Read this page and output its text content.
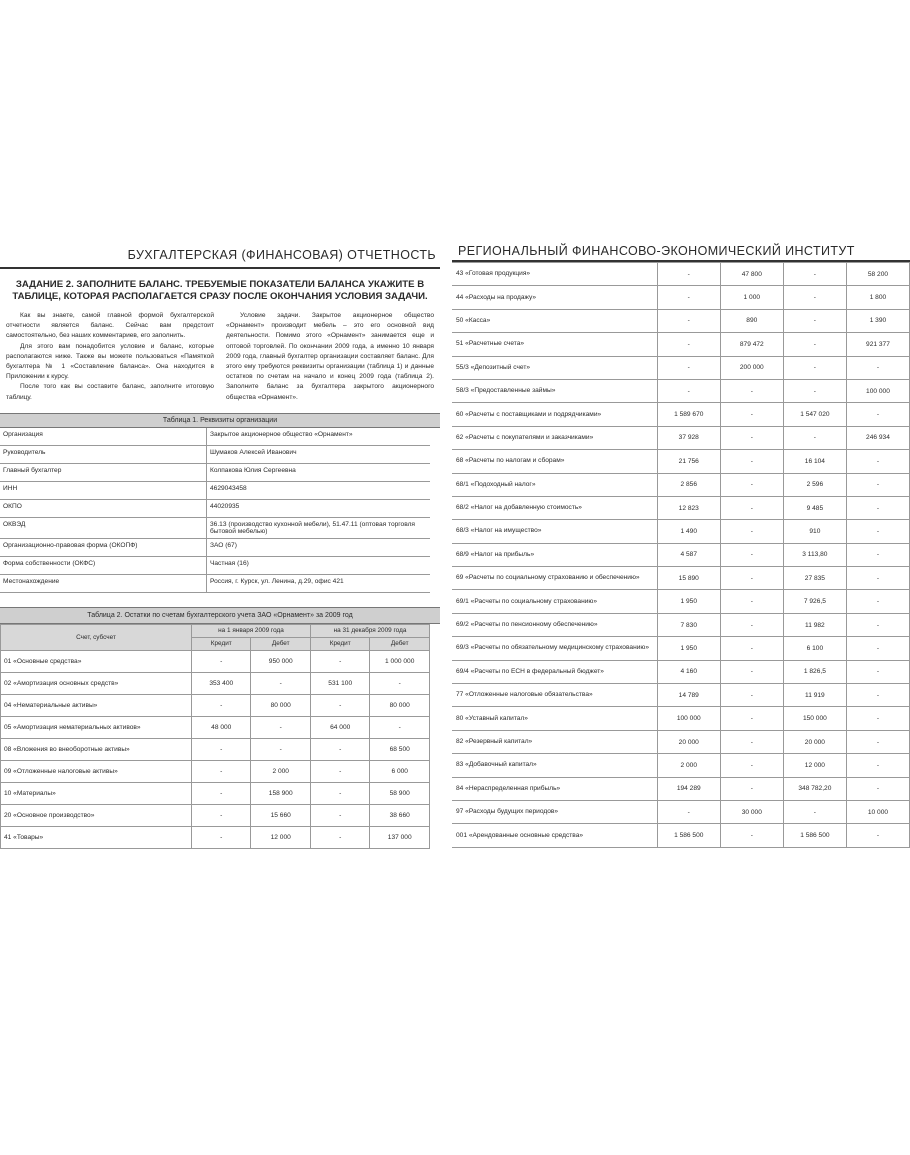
БУХГАЛТЕРСКАЯ (ФИНАНСОВАЯ) ОТЧЕТНОСТЬ
ЗАДАНИЕ 2. ЗАПОЛНИТЕ БАЛАНС. ТРЕБУЕМЫЕ ПОКАЗАТЕЛИ БАЛАНСА УКАЖИТЕ В ТАБЛИЦЕ, КОТОРАЯ РАСПОЛАГАЕТСЯ СРАЗУ ПОСЛЕ ОКОНЧАНИЯ УСЛОВИЯ ЗАДАЧИ.

Как вы знаете, самой главной формой бухгалтерской отчетности является баланс. Сейчас вам предстоит самостоятельно, без наших комментариев, его заполнить.

Для этого вам понадобится условие и баланс, которые располагаются ниже. Также вы можете пользоваться «Памяткой бухгалтера № 1 «Составление баланса». Она находится в Приложении к курсу.

После того как вы составите баланс, заполните итоговую таблицу.

Условие задачи. Закрытое акционерное общество «Орнамент» производит мебель – это его основной вид деятельности. Помимо этого «Орнамент» занимается еще и оптовой торговлей. По окончании 2009 года, а именно 10 января 2009 года, главный бухгалтер организации составляет баланс. Для этого ему требуются реквизиты организации (таблица 1) и данные остатков по счетам на начало и конец 2009 года (таблица 2). Заполните баланс за бухгалтера закрытого акционерного общества «Орнамент».

Таблица 1. Реквизиты организации
Организация	Закрытое акционерное общество «Орнамент»
Руководитель	Шумаков Алексей Иванович
Главный бухгалтер	Колпакова Юлия Сергеевна
ИНН	4629043458
ОКПО	44020935
ОКВЭД	36.13 (производство кухонной мебели), 51.47.11 (оптовая торговля бытовой мебелью)
Организационно-правовая форма (ОКОПФ)	ЗАО (67)
Форма собственности (ОКФС)	Частная (16)
Местонахождение	Россия, г. Курск, ул. Ленина, д.29, офис 421
Таблица 2. Остатки по счетам бухгалтерского учета ЗАО «Орнамент» за 2009 год
Счет, субсчет	на 1 января 2009 года		на 31 декабря 2009 года	
	Кредит	Дебет	Кредит	Дебет
01 «Основные средства»	-	950 000	-	1 000 000
02 «Амортизация основных средств»	353 400	-	531 100	-
04 «Нематериальные активы»	-	80 000	-	80 000
05 «Амортизация нематериальных активов»	48 000	-	64 000	-
08 «Вложения во внеоборотные активы»	-	-	-	68 500
09 «Отложенные налоговые активы»	-	2 000	-	6 000
10 «Материалы»	-	158 900	-	58 900
20 «Основное производство»	-	15 660	-	38 660
41 «Товары»	-	12 000	-	137 000
РЕГИОНАЛЬНЫЙ ФИНАНСОВО-ЭКОНОМИЧЕСКИЙ ИНСТИТУТ
43 «Готовая продукция»	-	47 800	-	58 200
44 «Расходы на продажу»	-	1 000	-	1 800
50 «Касса»	-	890	-	1 390
51 «Расчетные счета»	-	879 472	-	921 377
55/3 «Депозитный счет»	-	200 000	-	-
58/3 «Предоставленные займы»	-	-	-	100 000
60 «Расчеты с поставщиками и подрядчиками»	1 589 670	-	1 547 020	-
62 «Расчеты с покупателями и заказчиками»	37 928	-	-	246 934
68 «Расчеты по налогам и сборам»	21 756	-	16 104	-
68/1 «Подоходный налог»	2 856	-	2 596	-
68/2 «Налог на добавленную стоимость»	12 823	-	9 485	-
68/3 «Налог на имущество»	1 490	-	910	-
68/9 «Налог на прибыль»	4 587	-	3 113,80	-
69 «Расчеты по социальному страхованию и обеспечению»	15 890	-	27 835	-
69/1 «Расчеты по социальному страхованию»	1 950	-	7 926,5	-
69/2 «Расчеты по пенсионному обеспечению»	7 830	-	11 982	-
69/3 «Расчеты по обязательному медицинскому страхованию»	1 950	-	6 100	-
69/4 «Расчеты по ЕСН в федеральный бюджет»	4 160	-	1 826,5	-
77 «Отложенные налоговые обязательства»	14 789	-	11 919	-
80 «Уставный капитал»	100 000	-	150 000	-
82 «Резервный капитал»	20 000	-	20 000	-
83 «Добавочный капитал»	2 000	-	12 000	-
84 «Нераспределенная прибыль»	194 289	-	348 782,20	-
97 «Расходы будущих периодов»	-	30 000	-	10 000
001 «Арендованные основные средства»	1 586 500	-	1 586 500	-
